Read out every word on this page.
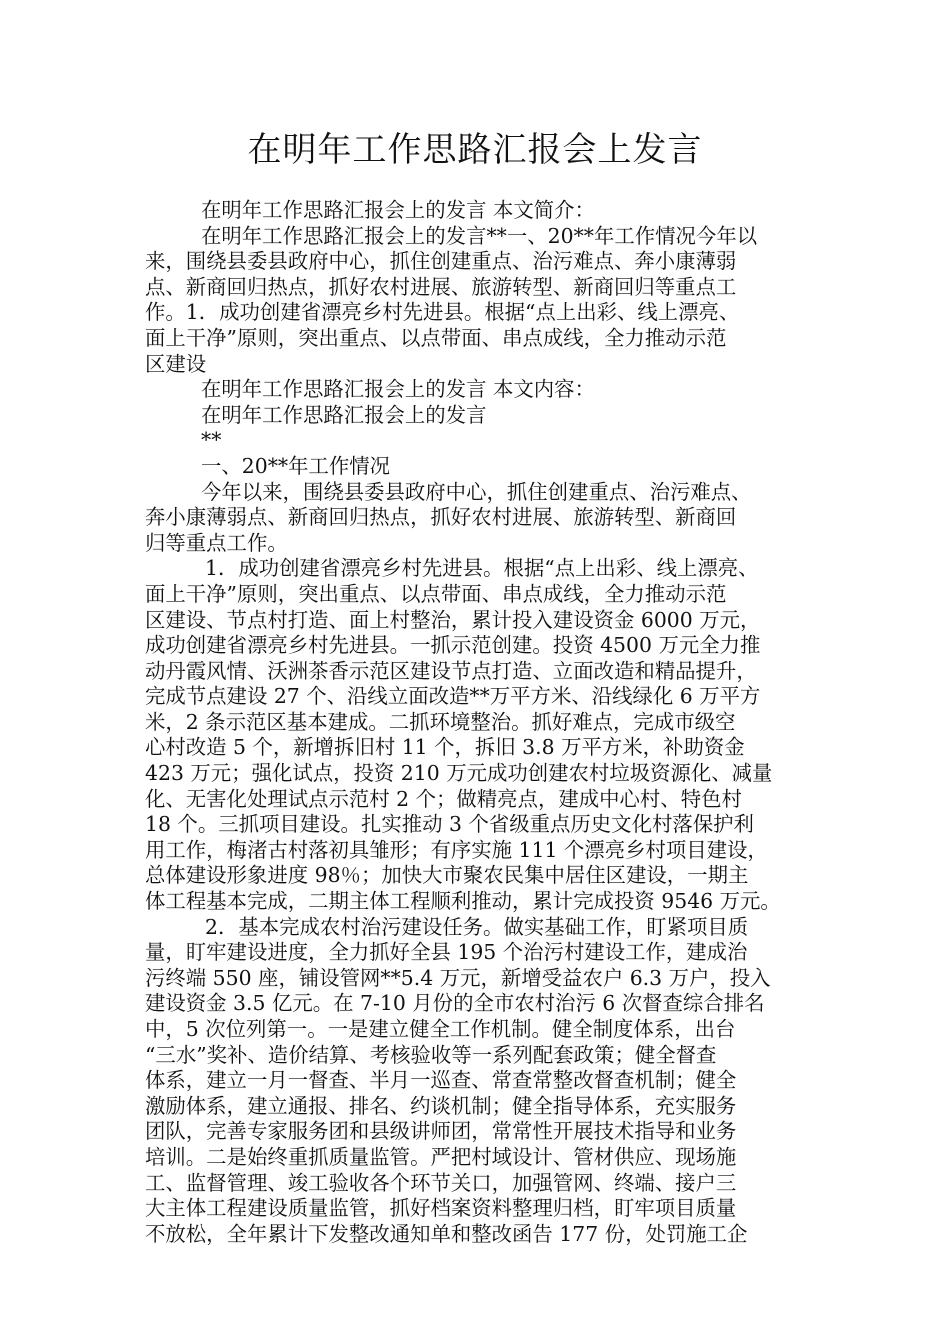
在明年工作思路汇报会上发言
在明年工作思路汇报会上的发言 本文简介：
在明年工作思路汇报会上的发言**一、20**年工作情况今年以
来，围绕县委县政府中心，抓住创建重点、治污难点、奔小康薄弱
点、新商回归热点，抓好农村进展、旅游转型、新商回归等重点工
作。1．成功创建省漂亮乡村先进县。根据“点上出彩、线上漂亮、
面上干净”原则，突出重点、以点带面、串点成线，全力推动示范
区建设
在明年工作思路汇报会上的发言 本文内容：
在明年工作思路汇报会上的发言
**
一、20**年工作情况
今年以来，围绕县委县政府中心，抓住创建重点、治污难点、
奔小康薄弱点、新商回归热点，抓好农村进展、旅游转型、新商回
归等重点工作。
1．成功创建省漂亮乡村先进县。根据“点上出彩、线上漂亮、
面上干净”原则，突出重点、以点带面、串点成线，全力推动示范
区建设、节点村打造、面上村整治，累计投入建设资金 6000 万元，
成功创建省漂亮乡村先进县。一抓示范创建。投资 4500 万元全力推
动丹霞风情、沃洲茶香示范区建设节点打造、立面改造和精品提升，
完成节点建设 27 个、沿线立面改造**万平方米、沿线绿化 6 万平方
米，2 条示范区基本建成。二抓环境整治。抓好难点，完成市级空
心村改造 5 个，新增拆旧村 11 个，拆旧 3.8 万平方米，补助资金
423 万元；强化试点，投资 210 万元成功创建农村垃圾资源化、减量
化、无害化处理试点示范村 2 个；做精亮点，建成中心村、特色村
18 个。三抓项目建设。扎实推动 3 个省级重点历史文化村落保护利
用工作，梅渚古村落初具雏形；有序实施 111 个漂亮乡村项目建设，
总体建设形象进度 98％；加快大市聚农民集中居住区建设，一期主
体工程基本完成，二期主体工程顺利推动，累计完成投资 9546 万元。
2．基本完成农村治污建设任务。做实基础工作，盯紧项目质
量，盯牢建设进度，全力抓好全县 195 个治污村建设工作，建成治
污终端 550 座，铺设管网**5.4 万元，新增受益农户 6.3 万户，投入
建设资金 3.5 亿元。在 7-10 月份的全市农村治污 6 次督查综合排名
中，5 次位列第一。一是建立健全工作机制。健全制度体系，出台
“三水”奖补、造价结算、考核验收等一系列配套政策；健全督查
体系，建立一月一督查、半月一巡查、常查常整改督查机制；健全
激励体系，建立通报、排名、约谈机制；健全指导体系，充实服务
团队，完善专家服务团和县级讲师团，常常性开展技术指导和业务
培训。二是始终重抓质量监管。严把村域设计、管材供应、现场施
工、监督管理、竣工验收各个环节关口，加强管网、终端、接户三
大主体工程建设质量监管，抓好档案资料整理归档，盯牢项目质量
不放松，全年累计下发整改通知单和整改函告 177 份，处罚施工企
